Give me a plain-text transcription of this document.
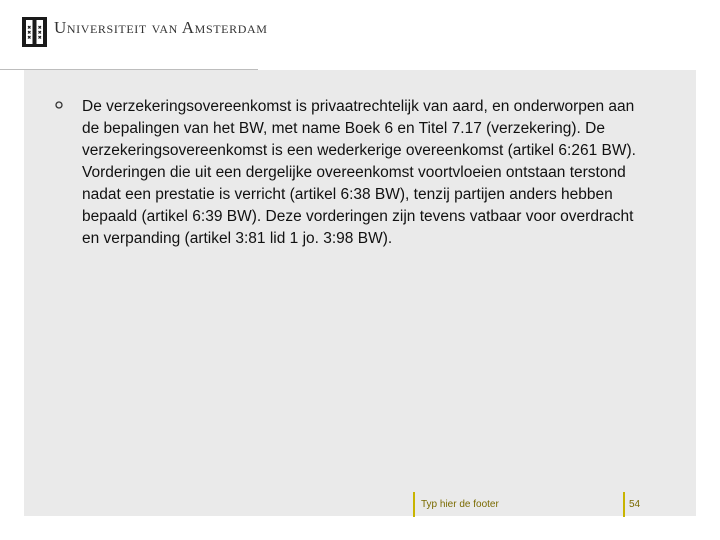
Universiteit van Amsterdam
De verzekeringsovereenkomst is privaatrechtelijk van aard, en onderworpen aan de bepalingen van het BW, met name Boek 6 en Titel 7.17 (verzekering). De verzekeringsovereenkomst is een wederkerige overeenkomst (artikel 6:261 BW). Vorderingen die uit een dergelijke overeenkomst voortvloeien ontstaan terstond nadat een prestatie is verricht (artikel 6:38 BW), tenzij partijen anders hebben bepaald (artikel 6:39 BW). Deze vorderingen zijn tevens vatbaar voor overdracht en verpanding (artikel 3:81 lid 1 jo. 3:98 BW).
Typ hier de footer	54
